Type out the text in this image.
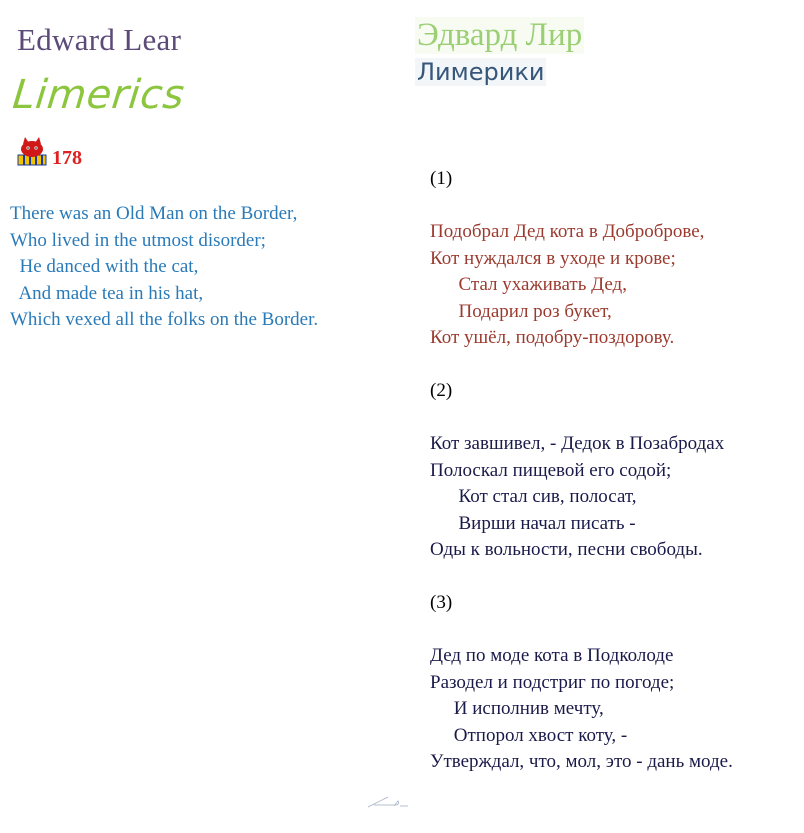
Edward Lear
Limerics
178
There was an Old Man on the Border,
Who lived in the utmost disorder;
He danced with the cat,
And made tea in his hat,
Which vexed all the folks on the Border.
Эдвард Лир
Лимерики
(1)

Подобрал Дед кота в Доброброве,
Кот нуждался в уходе и крове;
Стал ухаживать Дед,
Подарил роз букет,
Кот ушёл, подобру-поздорову.
(2)

Кот завшивел, - Дедок в Позабродах
Полоскал пищевой его содой;
Кот стал сив, полосат,
Вирши начал писать -
Оды к вольности, песни свободы.
(3)

Дед по моде кота в Подколоде
Разодел и подстриг по погоде;
И исполнив мечту,
Отпорол хвост коту, -
Утверждал, что, мол, это - дань моде.
